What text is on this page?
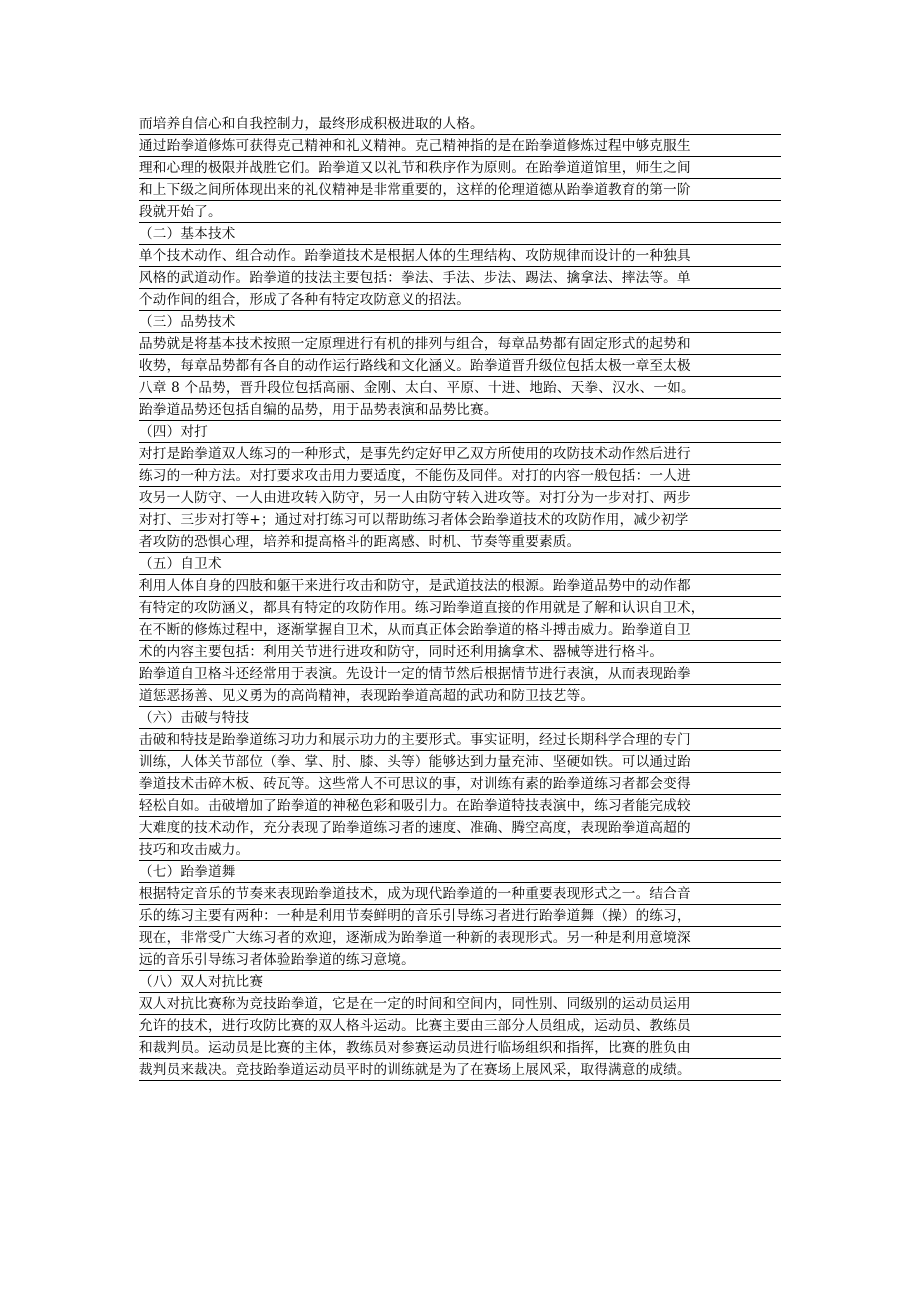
而培养自信心和自我控制力，最终形成积极进取的人格。
通过跆拳道修炼可获得克己精神和礼义精神。克己精神指的是在跆拳道修炼过程中够克服生
理和心理的极限并战胜它们。跆拳道又以礼节和秩序作为原则。在跆拳道道馆里，师生之间
和上下级之间所体现出来的礼仪精神是非常重要的，这样的伦理道德从跆拳道教育的第一阶
段就开始了。
（二）基本技术
单个技术动作、组合动作。跆拳道技术是根据人体的生理结构、攻防规律而设计的一种独具
风格的武道动作。跆拳道的技法主要包括：拳法、手法、步法、踢法、擒拿法、摔法等。单
个动作间的组合，形成了各种有特定攻防意义的招法。
（三）品势技术
品势就是将基本技术按照一定原理进行有机的排列与组合，每章品势都有固定形式的起势和
收势，每章品势都有各自的动作运行路线和文化涵义。跆拳道晋升级位包括太极一章至太极
八章 8 个品势，晋升段位包括高丽、金刚、太白、平原、十进、地跆、天拳、汉水、一如。
跆拳道品势还包括自编的品势，用于品势表演和品势比赛。
（四）对打
对打是跆拳道双人练习的一种形式，是事先约定好甲乙双方所使用的攻防技术动作然后进行
练习的一种方法。对打要求攻击用力要适度，不能伤及同伴。对打的内容一般包括：一人进
攻另一人防守、一人由进攻转入防守，另一人由防守转入进攻等。对打分为一步对打、两步
对打、三步对打等+；通过对打练习可以帮助练习者体会跆拳道技术的攻防作用，减少初学
者攻防的恐惧心理，培养和提高格斗的距离感、时机、节奏等重要素质。
（五）自卫术
利用人体自身的四肢和躯干来进行攻击和防守，是武道技法的根源。跆拳道品势中的动作都
有特定的攻防涵义，都具有特定的攻防作用。练习跆拳道直接的作用就是了解和认识自卫术，
在不断的修炼过程中，逐渐掌握自卫术，从而真正体会跆拳道的格斗搏击威力。跆拳道自卫
术的内容主要包括：利用关节进行进攻和防守，同时还利用擒拿术、器械等进行格斗。
跆拳道自卫格斗还经常用于表演。先设计一定的情节然后根据情节进行表演，从而表现跆拳
道惩恶扬善、见义勇为的高尚精神，表现跆拳道高超的武功和防卫技艺等。
（六）击破与特技
击破和特技是跆拳道练习功力和展示功力的主要形式。事实证明，经过长期科学合理的专门
训练，人体关节部位（拳、掌、肘、膝、头等）能够达到力量充沛、坚硬如铁。可以通过跆
拳道技术击碎木板、砖瓦等。这些常人不可思议的事，对训练有素的跆拳道练习者都会变得
轻松自如。击破增加了跆拳道的神秘色彩和吸引力。在跆拳道特技表演中，练习者能完成较
大难度的技术动作，充分表现了跆拳道练习者的速度、准确、腾空高度，表现跆拳道高超的
技巧和攻击威力。
（七）跆拳道舞
根据特定音乐的节奏来表现跆拳道技术，成为现代跆拳道的一种重要表现形式之一。结合音
乐的练习主要有两种：一种是利用节奏鲜明的音乐引导练习者进行跆拳道舞（操）的练习，
现在，非常受广大练习者的欢迎，逐渐成为跆拳道一种新的表现形式。另一种是利用意境深
远的音乐引导练习者体验跆拳道的练习意境。
（八）双人对抗比赛
双人对抗比赛称为竞技跆拳道，它是在一定的时间和空间内，同性别、同级别的运动员运用
允许的技术，进行攻防比赛的双人格斗运动。比赛主要由三部分人员组成，运动员、教练员
和裁判员。运动员是比赛的主体，教练员对参赛运动员进行临场组织和指挥，比赛的胜负由
裁判员来裁决。竞技跆拳道运动员平时的训练就是为了在赛场上展风采，取得满意的成绩。
